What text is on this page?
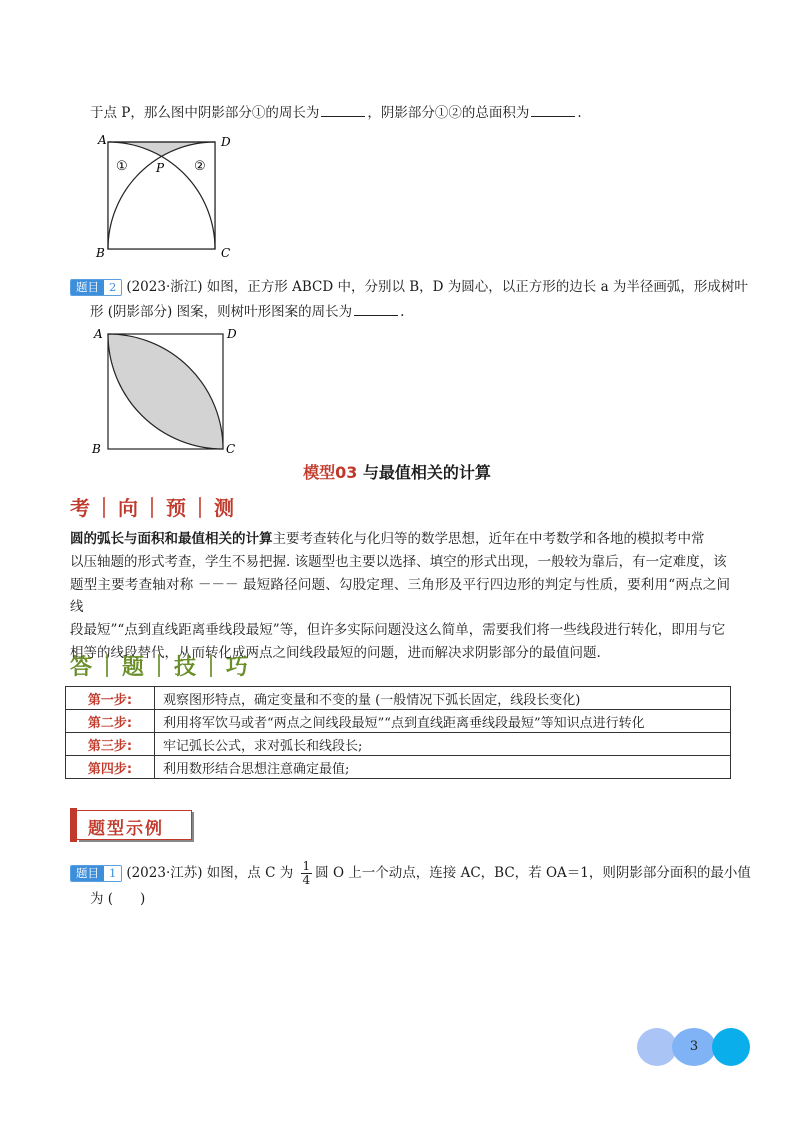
于点 P，那么图中阴影部分①的周长为	，阴影部分①②的总面积为	.
A	D
B	C
P
①	②
题目 2 (2023·浙江) 如图，正方形 ABCD 中，分别以 B，D 为圆心，以正方形的边长 a 为半径画弧，形成树叶
形 (阴影部分) 图案，则树叶形图案的周长为	.
A	D
B	C
模型03 与最值相关的计算
考｜向｜预｜测
圆的弧长与面积和最值相关的计算主要考查转化与化归等的数学思想，近年在中考数学和各地的模拟考中常
以压轴题的形式考查，学生不易把握. 该题型也主要以选择、填空的形式出现，一般较为靠后，有一定难度，该
题型主要考查轴对称 －－－ 最短路径问题、勾股定理、三角形及平行四边形的判定与性质，要利用“两点之间线
段最短”“点到直线距离垂线段最短”等，但许多实际问题没这么简单，需要我们将一些线段进行转化，即用与它
相等的线段替代，从而转化成两点之间线段最短的问题，进而解决求阴影部分的最值问题.
答｜题｜技｜巧
第一步:	观察图形特点，确定变量和不变的量 (一般情况下弧长固定，线段长变化)
第二步:	利用将军饮马或者“两点之间线段最短”“点到直线距离垂线段最短”等知识点进行转化
第三步:	牢记弧长公式，求对弧长和线段长;
第四步:	利用数形结合思想注意确定最值;
题型示例
题目 1 (2023·江苏) 如图，点 C 为 $\frac{1}{4}$ 圆 O 上一个动点，连接 AC，BC，若 OA＝1，则阴影部分面积的最小值
为 (　　)
3
